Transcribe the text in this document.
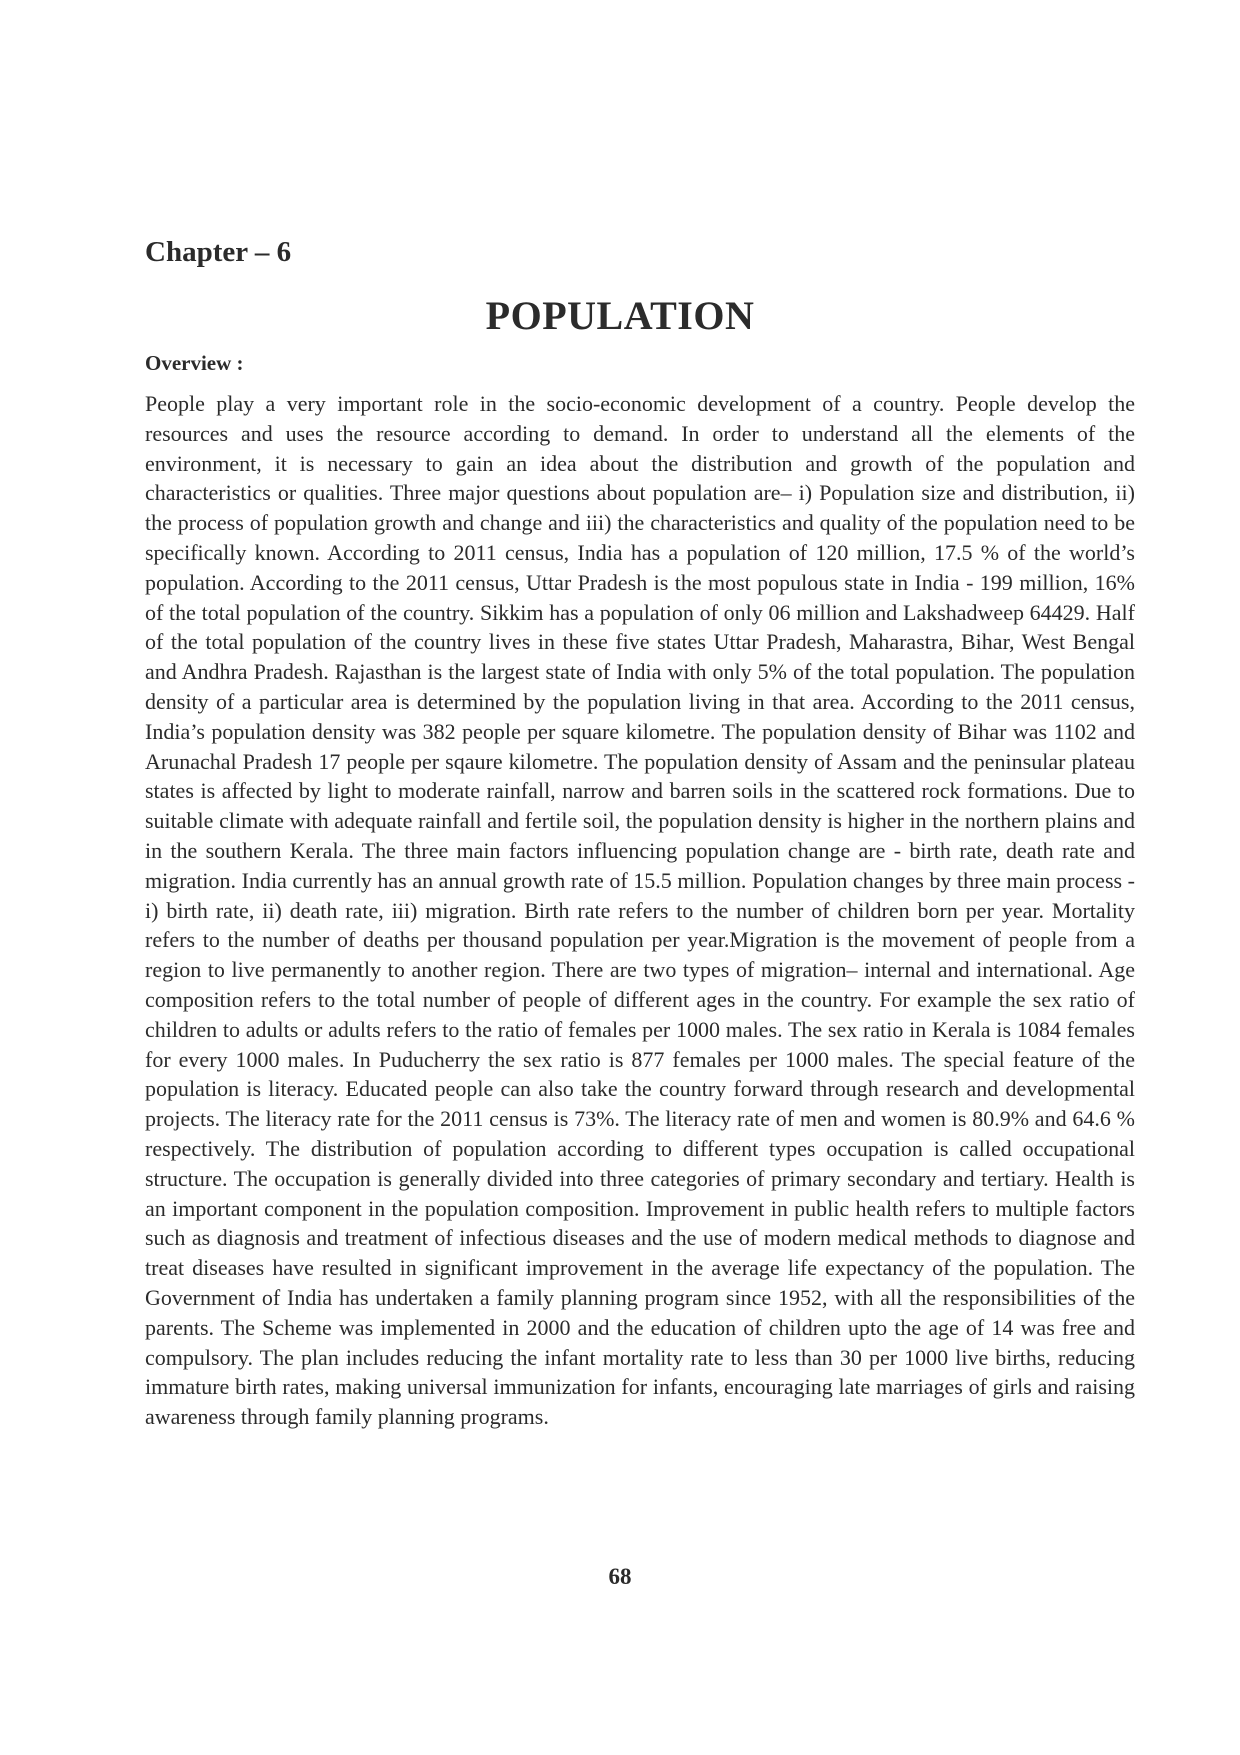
Chapter – 6
POPULATION
Overview :

People play a very important role in the socio-economic development of a country. People develop the resources and uses the resource according to demand. In order to understand all the elements of the environment, it is necessary to gain an idea about the distribution and growth of the population and characteristics or qualities. Three major questions about population are– i) Population size and distribution, ii) the process of population growth and change and iii) the characteristics and quality of the population need to be specifically known. According to 2011 census, India has a population of 120 million, 17.5 % of the world’s population. According to the 2011 census, Uttar Pradesh is the most populous state in India - 199 million, 16% of the total population of the country. Sikkim has a population of only 06 million and Lakshadweep 64429. Half of the total population of the country lives in these five states Uttar Pradesh, Maharastra, Bihar, West Bengal and Andhra Pradesh. Rajasthan is the largest state of India with only 5% of the total population. The population density of a particular area is determined by the population living in that area. According to the 2011 census, India’s population density was 382 people per square kilometre. The population density of Bihar was 1102 and Arunachal Pradesh 17 people per sqaure kilometre. The population density of Assam and the peninsular plateau states is affected by light to moderate rainfall, narrow and barren soils in the scattered rock formations. Due to suitable climate with adequate rainfall and fertile soil, the population density is higher in the northern plains and in the southern Kerala. The three main factors influencing population change are - birth rate, death rate and migration. India currently has an annual growth rate of 15.5 million. Population changes by three main process - i) birth rate, ii) death rate, iii) migration. Birth rate refers to the number of children born per year. Mortality refers to the number of deaths per thousand population per year.Migration is the movement of people from a region to live permanently to another region. There are two types of migration– internal and international. Age composition refers to the total number of people of different ages in the country. For example the sex ratio of children to adults or adults refers to the ratio of females per 1000 males. The sex ratio in Kerala is 1084 females for every 1000 males. In Puducherry the sex ratio is 877 females per 1000 males. The special feature of the population is literacy. Educated people can also take the country forward through research and developmental projects. The literacy rate for the 2011 census is 73%. The literacy rate of men and women is 80.9% and 64.6 % respectively. The distribution of population according to different types occupation is called occupational structure. The occupation is generally divided into three categories of primary secondary and tertiary. Health is an important component in the population composition. Improvement in public health refers to multiple factors such as diagnosis and treatment of infectious diseases and the use of modern medical methods to diagnose and treat diseases have resulted in significant improvement in the average life expectancy of the population. The Government of India has undertaken a family planning program since 1952, with all the responsibilities of the parents. The Scheme was implemented in 2000 and the education of children upto the age of 14 was free and compulsory. The plan includes reducing the infant mortality rate to less than 30 per 1000 live births, reducing immature birth rates, making universal immunization for infants, encouraging late marriages of girls and raising awareness through family planning programs.

68
